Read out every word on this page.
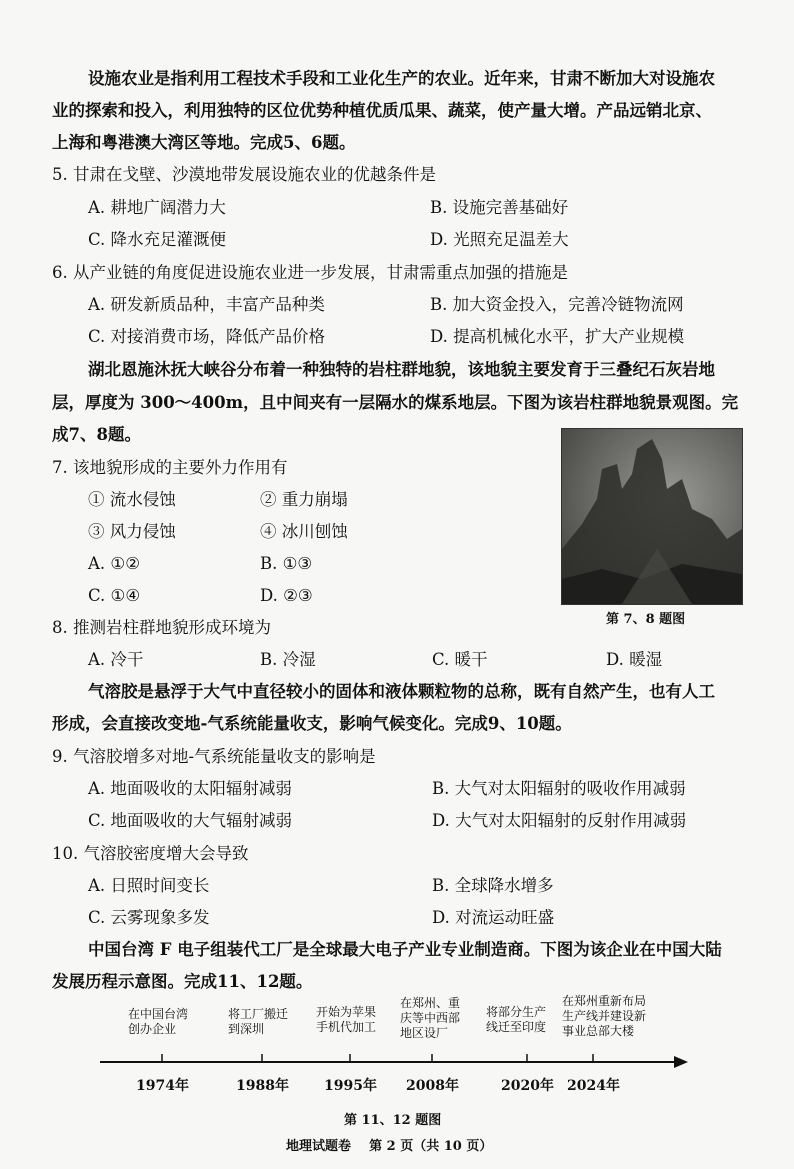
设施农业是指利用工程技术手段和工业化生产的农业。近年来，甘肃不断加大对设施农
业的探索和投入，利用独特的区位优势种植优质瓜果、蔬菜，使产量大增。产品远销北京、
上海和粤港澳大湾区等地。完成5、6题。
5. 甘肃在戈壁、沙漠地带发展设施农业的优越条件是
A. 耕地广阔潜力大	B. 设施完善基础好
C. 降水充足灌溉便	D. 光照充足温差大
6. 从产业链的角度促进设施农业进一步发展，甘肃需重点加强的措施是
A. 研发新质品种，丰富产品种类	B. 加大资金投入，完善冷链物流网
C. 对接消费市场，降低产品价格	D. 提高机械化水平，扩大产业规模
湖北恩施沐抚大峡谷分布着一种独特的岩柱群地貌，该地貌主要发育于三叠纪石灰岩地
层，厚度为 300～400m，且中间夹有一层隔水的煤系地层。下图为该岩柱群地貌景观图。完
成7、8题。
第 7、8 题图
7. 该地貌形成的主要外力作用有
① 流水侵蚀	② 重力崩塌
③ 风力侵蚀	④ 冰川刨蚀
A. ①②	B. ①③
C. ①④	D. ②③
8. 推测岩柱群地貌形成环境为
A. 冷干	B. 冷湿	C. 暖干	D. 暖湿
气溶胶是悬浮于大气中直径较小的固体和液体颗粒物的总称，既有自然产生，也有人工
形成，会直接改变地-气系统能量收支，影响气候变化。完成9、10题。
9. 气溶胶增多对地-气系统能量收支的影响是
A. 地面吸收的太阳辐射减弱	B. 大气对太阳辐射的吸收作用减弱
C. 地面吸收的大气辐射减弱	D. 大气对太阳辐射的反射作用减弱
10. 气溶胶密度增大会导致
A. 日照时间变长	B. 全球降水增多
C. 云雾现象多发	D. 对流运动旺盛
中国台湾 F 电子组装代工厂是全球最大电子产业专业制造商。下图为该企业在中国大陆
发展历程示意图。完成11、12题。
在中国台湾
创办企业
将工厂搬迁
到深圳
开始为苹果
手机代加工
在郑州、重
庆等中西部
地区设厂
将部分生产
线迁至印度
在郑州重新布局
生产线并建设新
事业总部大楼
1974年	1988年	1995年 2008年	2020年 2024年
第 11、12 题图
地理试题卷    第 2 页（共 10 页）
